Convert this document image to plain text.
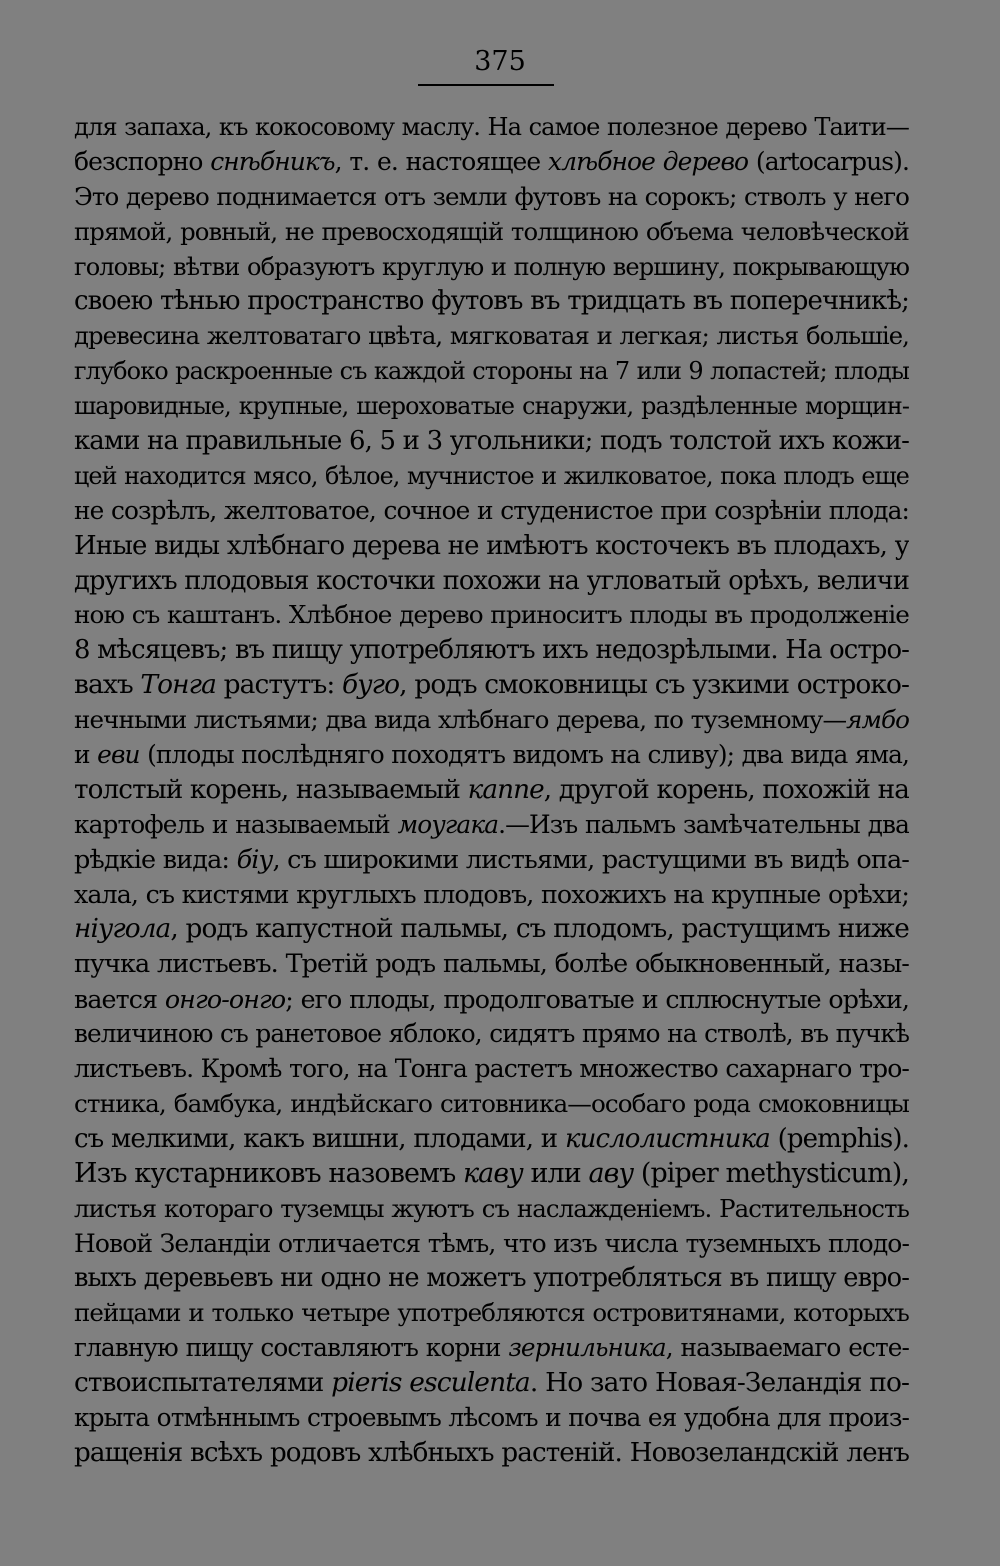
375
для запаха, къ кокосовому маслу. На самое полезное дерево Таити—
безспорно снѣбникъ, т. е. настоящее хлѣбное дерево (artocarpus).
Это дерево поднимается отъ земли футовъ на сорокъ; стволъ у него
прямой, ровный, не превосходящій толщиною объема человѣческой
головы; вѣтви образуютъ круглую и полную вершину, покрывающую
своею тѣнью пространство футовъ въ тридцать въ поперечникѣ;
древесина желтоватаго цвѣта, мягковатая и легкая; листья большіе,
глубоко раскроенные съ каждой стороны на 7 или 9 лопастей; плоды
шаровидные, крупные, шероховатые снаружи, раздѣленные морщин-
ками на правильные 6, 5 и 3 угольники; подъ толстой ихъ кожи-
цей находится мясо, бѣлое, мучнистое и жилковатое, пока плодъ еще
не созрѣлъ, желтоватое, сочное и студенистое при созрѣніи плода:
Иные виды хлѣбнаго дерева не имѣютъ косточекъ въ плодахъ, у
другихъ плодовыя косточки похожи на угловатый орѣхъ, величи
ною съ каштанъ. Хлѣбное дерево приноситъ плоды въ продолженіе
8 мѣсяцевъ; въ пищу употребляютъ ихъ недозрѣлыми. На остро-
вахъ Тонга растутъ: буго, родъ смоковницы съ узкими остроко-
нечными листьями; два вида хлѣбнаго дерева, по туземному—ямбо
и еви (плоды послѣдняго походятъ видомъ на сливу); два вида яма,
толстый корень, называемый каппе, другой корень, похожій на
картофель и называемый моугака.—Изъ пальмъ замѣчательны два
рѣдкіе вида: біу, съ широкими листьями, растущими въ видѣ опа-
хала, съ кистями круглыхъ плодовъ, похожихъ на крупные орѣхи;
ніугола, родъ капустной пальмы, съ плодомъ, растущимъ ниже
пучка листьевъ. Третій родъ пальмы, болѣе обыкновенный, назы-
вается онго-онго; его плоды, продолговатые и сплюснутые орѣхи,
величиною съ ранетовое яблоко, сидятъ прямо на стволѣ, въ пучкѣ
листьевъ. Кромѣ того, на Тонга растетъ множество сахарнаго тро-
стника, бамбука, индѣйскаго ситовника—особаго рода смоковницы
съ мелкими, какъ вишни, плодами, и кислолистника (pemphis).
Изъ кустарниковъ назовемъ каву или аву (piper methysticum),
листья котораго туземцы жуютъ съ наслажденіемъ. Растительность
Новой Зеландіи отличается тѣмъ, что изъ числа туземныхъ плодо-
выхъ деревьевъ ни одно не можетъ употребляться въ пищу евро-
пейцами и только четыре употребляются островитянами, которыхъ
главную пищу составляютъ корни зернильника, называемаго есте-
ствоиспытателями pieris esculenta. Но зато Новая-Зеландія по-
крыта отмѣннымъ строевымъ лѣсомъ и почва ея удобна для произ-
ращенія всѣхъ родовъ хлѣбныхъ растеній. Новозеландскій ленъ
